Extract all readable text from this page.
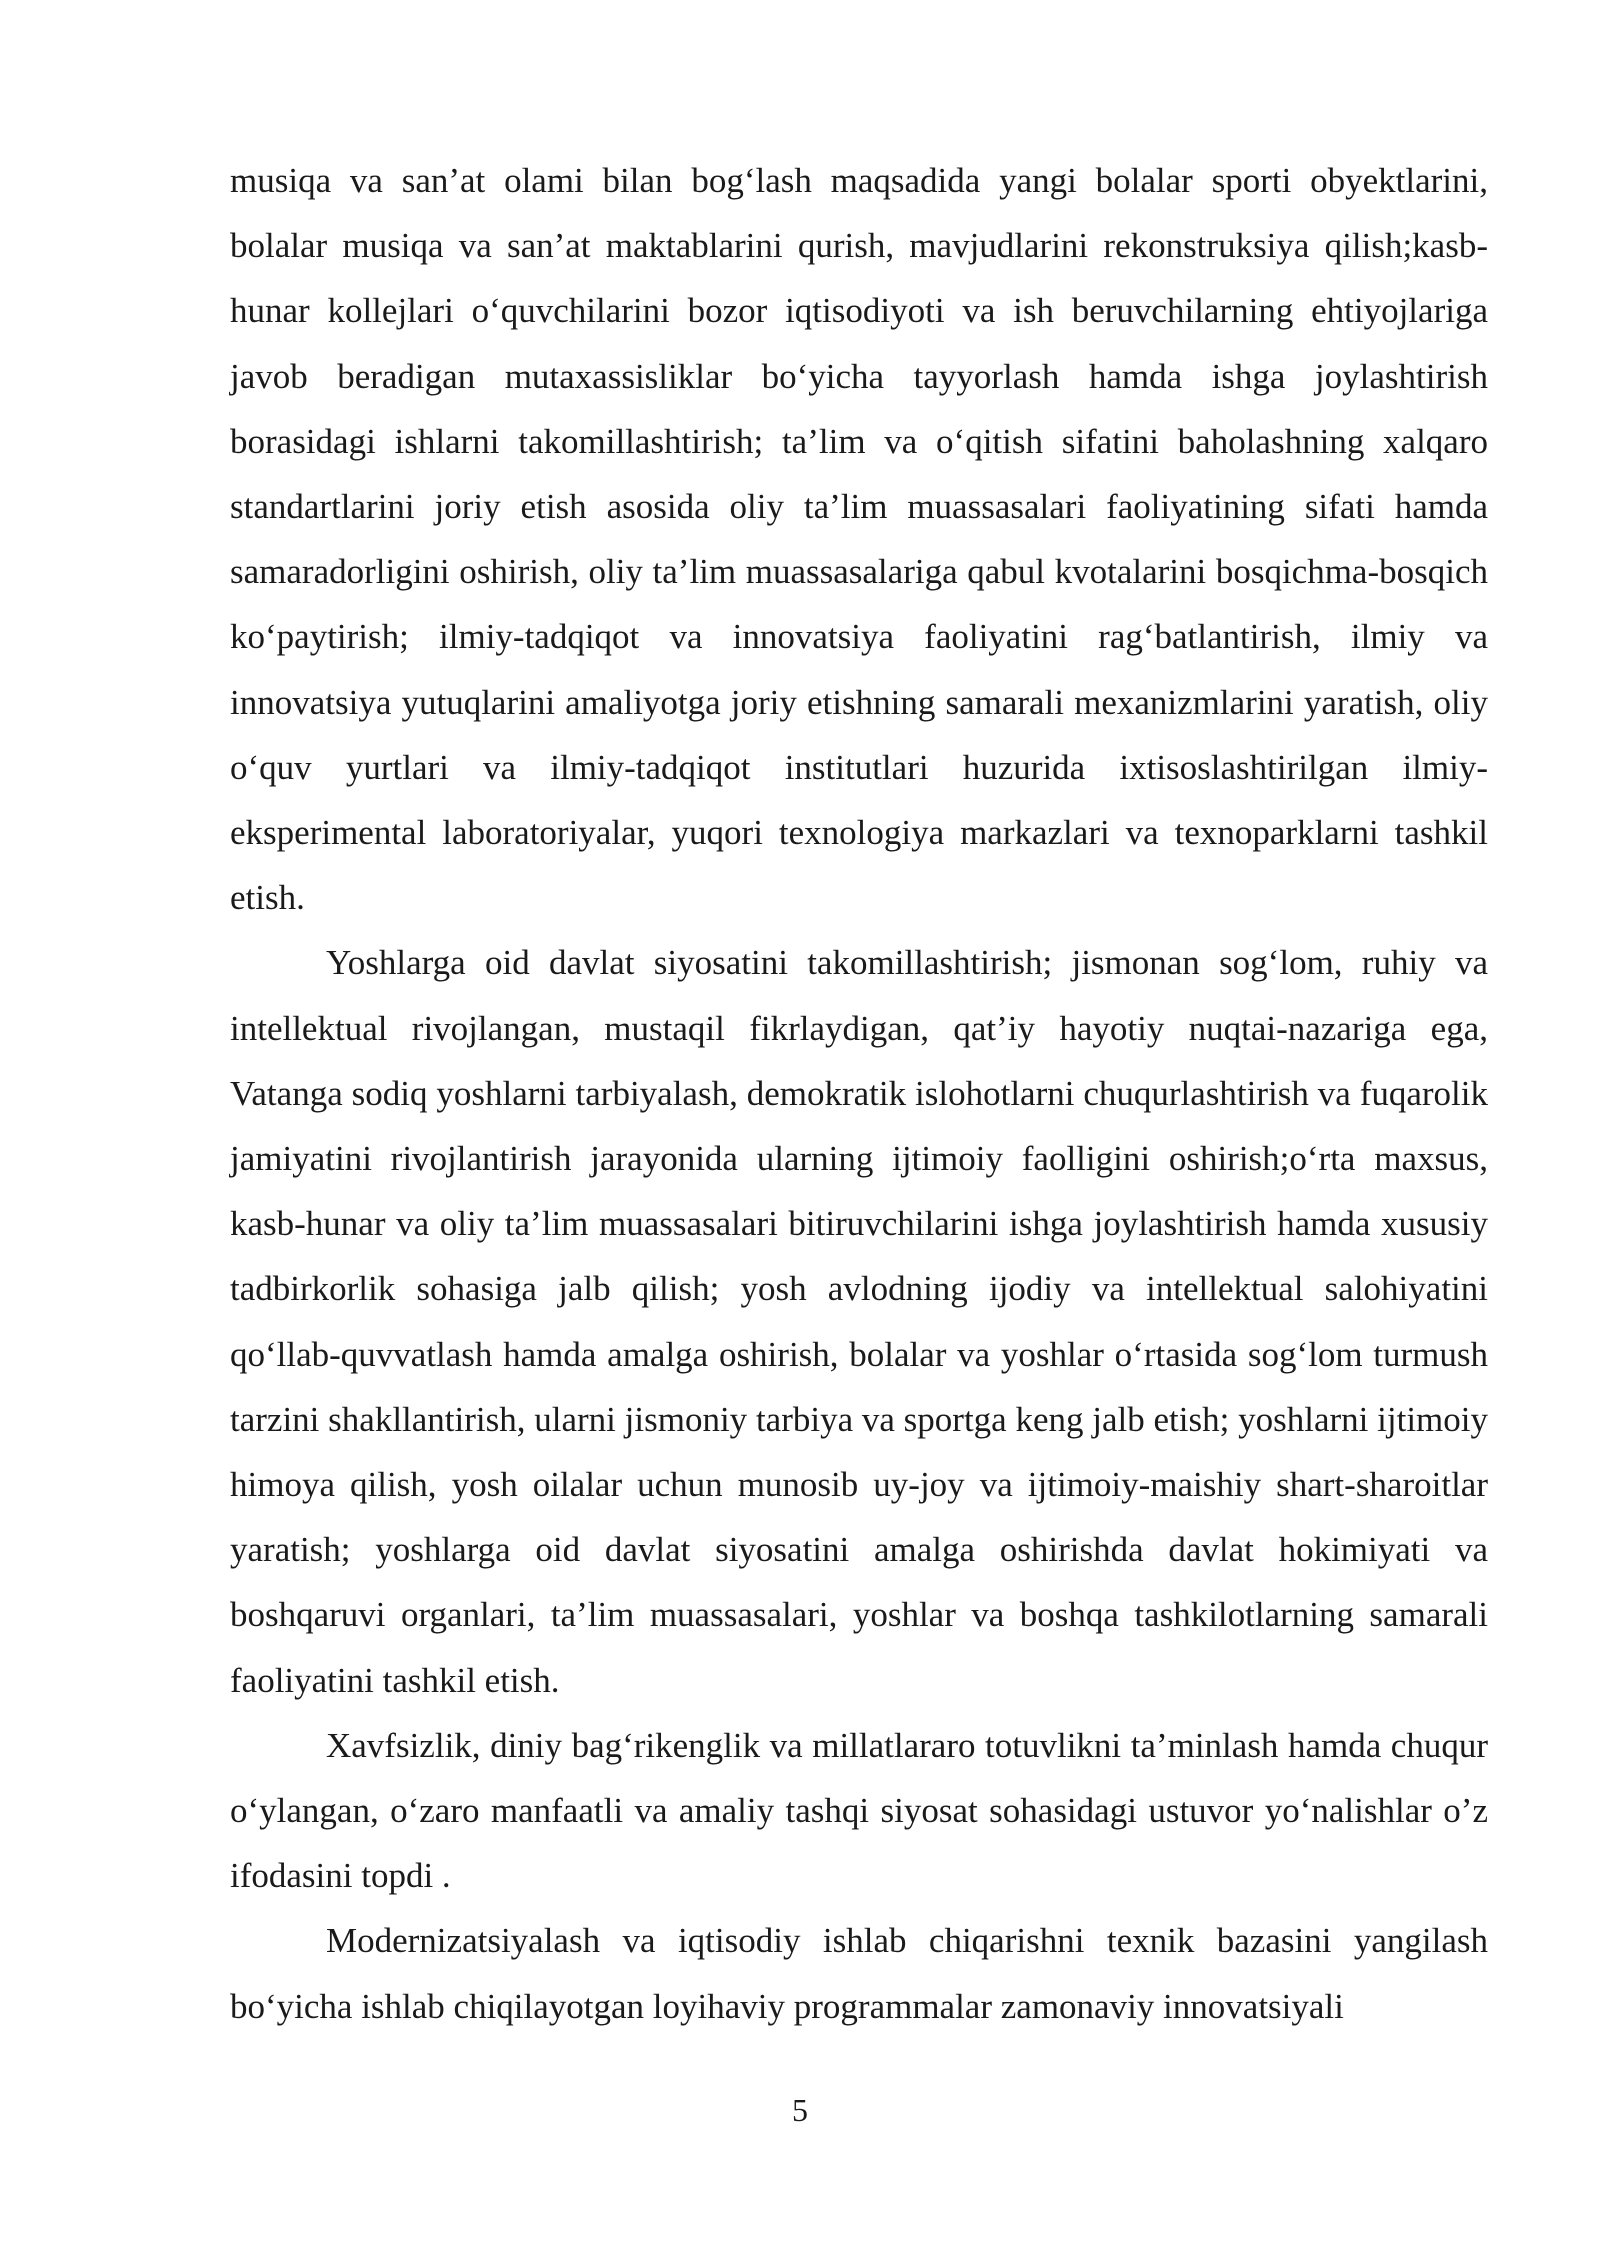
musiqa va san’at olami bilan bog‘lash maqsadida yangi bolalar sporti obyektlarini, bolalar musiqa va san’at maktablarini qurish, mavjudlarini rekonstruksiya qilish;kasb-hunar kollejlari o‘quvchilarini bozor iqtisodiyoti va ish beruvchilarning ehtiyojlariga javob beradigan mutaxassisliklar bo‘yicha tayyorlash hamda ishga joylashtirish borasidagi ishlarni takomillashtirish; ta’lim va o‘qitish sifatini baholashning xalqaro standartlarini joriy etish asosida oliy ta’lim muassasalari faoliyatining sifati hamda samaradorligini oshirish, oliy ta’lim muassasalariga qabul kvotalarini bosqichma-bosqich ko‘paytirish; ilmiy-tadqiqot va innovatsiya faoliyatini rag‘batlantirish, ilmiy va innovatsiya yutuqlarini amaliyotga joriy etishning samarali mexanizmlarini yaratish, oliy o‘quv yurtlari va ilmiy-tadqiqot institutlari huzurida ixtisoslashtirilgan ilmiy-eksperimental laboratoriyalar, yuqori texnologiya markazlari va texnoparklarni tashkil etish.

Yoshlarga oid davlat siyosatini takomillashtirish; jismonan sog‘lom, ruhiy va intellektual rivojlangan, mustaqil fikrlaydigan, qat’iy hayotiy nuqtai-nazariga ega, Vatanga sodiq yoshlarni tarbiyalash, demokratik islohotlarni chuqurlashtirish va fuqarolik jamiyatini rivojlantirish jarayonida ularning ijtimoiy faolligini oshirish;o‘rta maxsus, kasb-hunar va oliy ta’lim muassasalari bitiruvchilarini ishga joylashtirish hamda xususiy tadbirkorlik sohasiga jalb qilish; yosh avlodning ijodiy va intellektual salohiyatini qo‘llab-quvvatlash hamda amalga oshirish, bolalar va yoshlar o‘rtasida sog‘lom turmush tarzini shakllantirish, ularni jismoniy tarbiya va sportga keng jalb etish; yoshlarni ijtimoiy himoya qilish, yosh oilalar uchun munosib uy-joy va ijtimoiy-maishiy shart-sharoitlar yaratish; yoshlarga oid davlat siyosatini amalga oshirishda davlat hokimiyati va boshqaruvi organlari, ta’lim muassasalari, yoshlar va boshqa tashkilotlarning samarali faoliyatini tashkil etish.

Xavfsizlik, diniy bag‘rikenglik va millatlararo totuvlikni ta’minlash hamda chuqur o‘ylangan, o‘zaro manfaatli va amaliy tashqi siyosat sohasidagi ustuvor yo‘nalishlar o’z ifodasini topdi .

Modernizatsiyalash va iqtisodiy ishlab chiqarishni texnik bazasini yangilash bo‘yicha ishlab chiqilayotgan loyihaviy programmalar zamonaviy innovatsiyali

5
